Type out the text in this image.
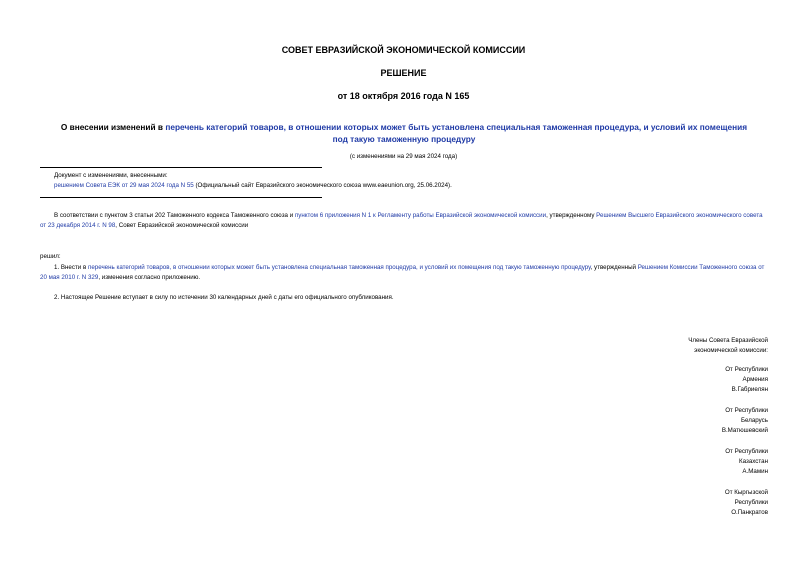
СОВЕТ ЕВРАЗИЙСКОЙ ЭКОНОМИЧЕСКОЙ КОМИССИИ
РЕШЕНИЕ
от 18 октября 2016 года N 165
О внесении изменений в перечень категорий товаров, в отношении которых может быть установлена специальная таможенная процедура, и условий их помещения под такую таможенную процедуру
(с изменениями на 29 мая 2024 года)
Документ с изменениями, внесенными:
решением Совета ЕЭК от 29 мая 2024 года N 55 (Официальный сайт Евразийского экономического союза www.eaeunion.org, 25.06.2024).
В соответствии с пунктом 3 статьи 202 Таможенного кодекса Таможенного союза и пунктом 6 приложения N 1 к Регламенту работы Евразийской экономической комиссии, утвержденному Решением Высшего Евразийского экономического совета от 23 декабря 2014 г. N 98, Совет Евразийской экономической комиссии
решил:
1. Внести в перечень категорий товаров, в отношении которых может быть установлена специальная таможенная процедура, и условий их помещения под такую таможенную процедуру, утвержденный Решением Комиссии Таможенного союза от 20 мая 2010 г. N 329, изменения согласно приложению.
2. Настоящее Решение вступает в силу по истечении 30 календарных дней с даты его официального опубликования.
Члены Совета Евразийской
экономической комиссии:
От Республики
Армения
В.Габриелян
От Республики
Беларусь
В.Матюшевский
От Республики
Казахстан
А.Мамин
От Кыргызской
Республики
О.Панкратов
